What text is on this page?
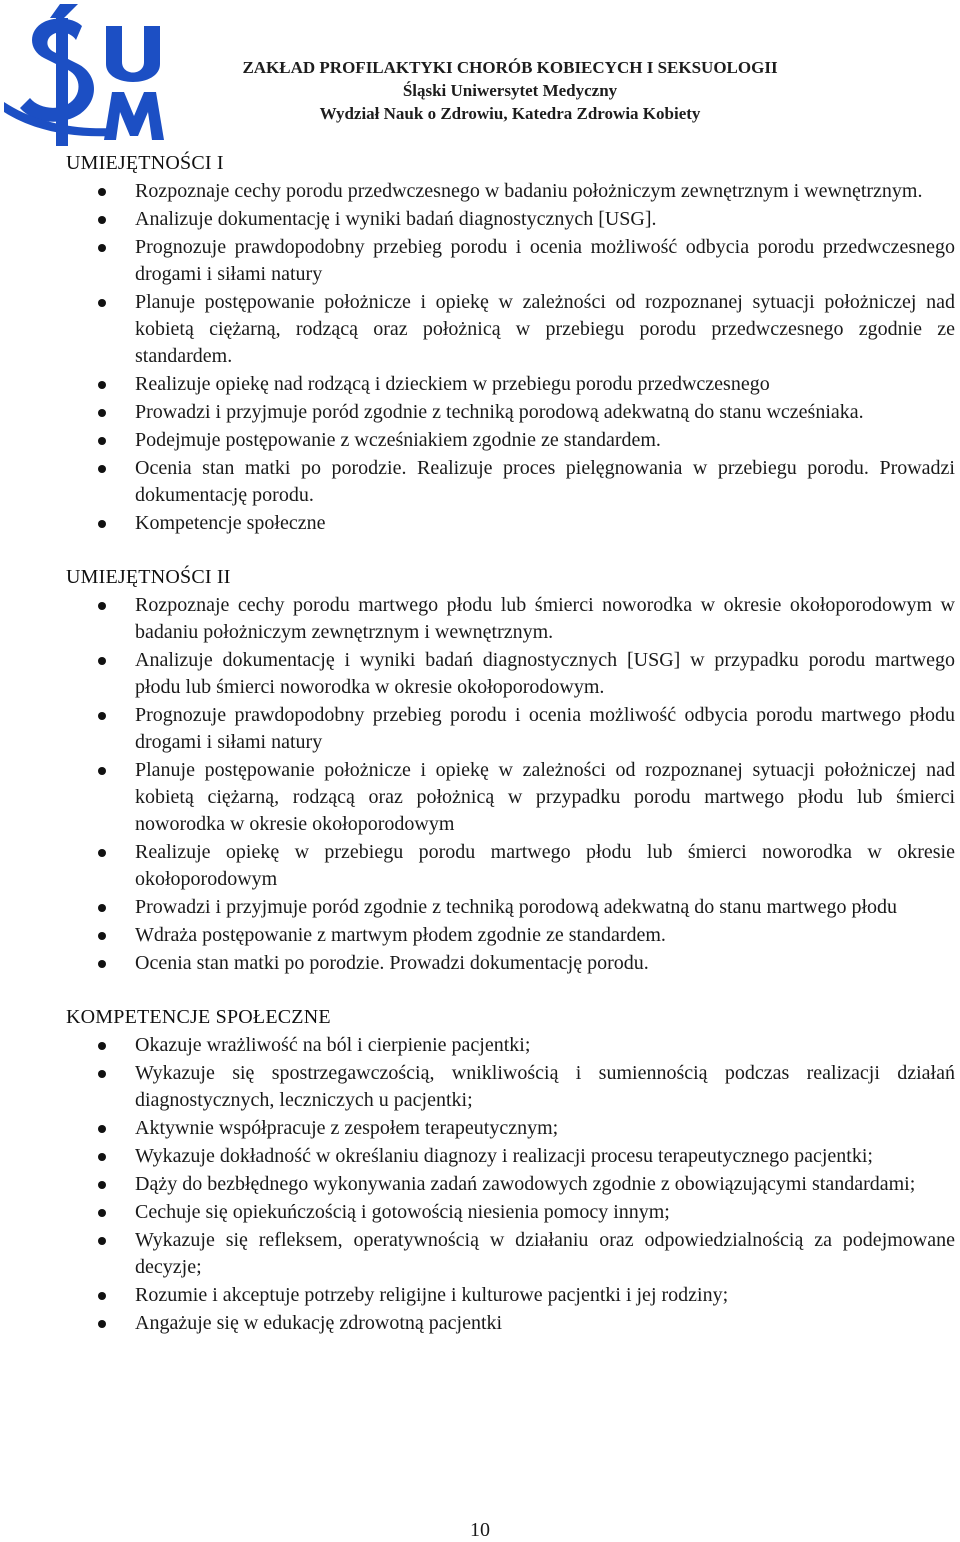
ZAKŁAD PROFILAKTYKI CHORÓB KOBIECYCH I SEKSUOLOGII
Śląski Uniwersytet Medyczny
Wydział Nauk o Zdrowiu, Katedra Zdrowia Kobiety
UMIEJĘTNOŚCI I
Rozpoznaje cechy porodu przedwczesnego w badaniu położniczym zewnętrznym i wewnętrznym.
Analizuje dokumentację i wyniki badań diagnostycznych [USG].
Prognozuje prawdopodobny przebieg porodu i ocenia możliwość odbycia porodu przedwczesnego drogami i siłami natury
Planuje postępowanie położnicze i opiekę w zależności od rozpoznanej sytuacji położniczej nad kobietą ciężarną, rodzącą oraz położnicą w przebiegu porodu przedwczesnego zgodnie ze standardem.
Realizuje opiekę nad rodzącą i dzieckiem w przebiegu porodu przedwczesnego
Prowadzi i przyjmuje poród zgodnie z techniką porodową adekwatną do stanu wcześniaka.
Podejmuje postępowanie z wcześniakiem zgodnie ze standardem.
Ocenia stan matki po porodzie. Realizuje proces pielęgnowania w przebiegu porodu. Prowadzi dokumentację porodu.
Kompetencje społeczne
UMIEJĘTNOŚCI II
Rozpoznaje cechy porodu martwego płodu lub śmierci noworodka w okresie okołoporodowym w badaniu położniczym zewnętrznym i wewnętrznym.
Analizuje dokumentację i wyniki badań diagnostycznych [USG] w przypadku porodu martwego płodu lub śmierci noworodka w okresie okołoporodowym.
Prognozuje prawdopodobny przebieg porodu i ocenia możliwość odbycia porodu martwego płodu drogami i siłami natury
Planuje postępowanie położnicze i opiekę w zależności od rozpoznanej sytuacji położniczej nad kobietą ciężarną, rodzącą oraz położnicą w przypadku porodu martwego płodu lub śmierci noworodka w okresie okołoporodowym
Realizuje opiekę w przebiegu porodu martwego płodu lub śmierci noworodka w okresie okołoporodowym
Prowadzi i przyjmuje poród zgodnie z techniką porodową adekwatną do stanu martwego płodu
Wdraża postępowanie z martwym płodem zgodnie ze standardem.
Ocenia stan matki po porodzie. Prowadzi dokumentację porodu.
KOMPETENCJE SPOŁECZNE
Okazuje wrażliwość na ból i cierpienie pacjentki;
Wykazuje się spostrzegawczością, wnikliwością i sumiennością podczas realizacji działań diagnostycznych, leczniczych u pacjentki;
Aktywnie współpracuje z zespołem terapeutycznym;
Wykazuje dokładność w określaniu diagnozy i realizacji procesu terapeutycznego pacjentki;
Dąży do bezbłędnego wykonywania zadań zawodowych zgodnie z obowiązującymi standardami;
Cechuje się opiekuńczością i gotowością niesienia pomocy innym;
Wykazuje się refleksem, operatywnością w działaniu oraz odpowiedzialnością za podejmowane decyzje;
Rozumie i akceptuje potrzeby religijne i kulturowe pacjentki i jej rodziny;
Angażuje się w edukację zdrowotną pacjentki
10
